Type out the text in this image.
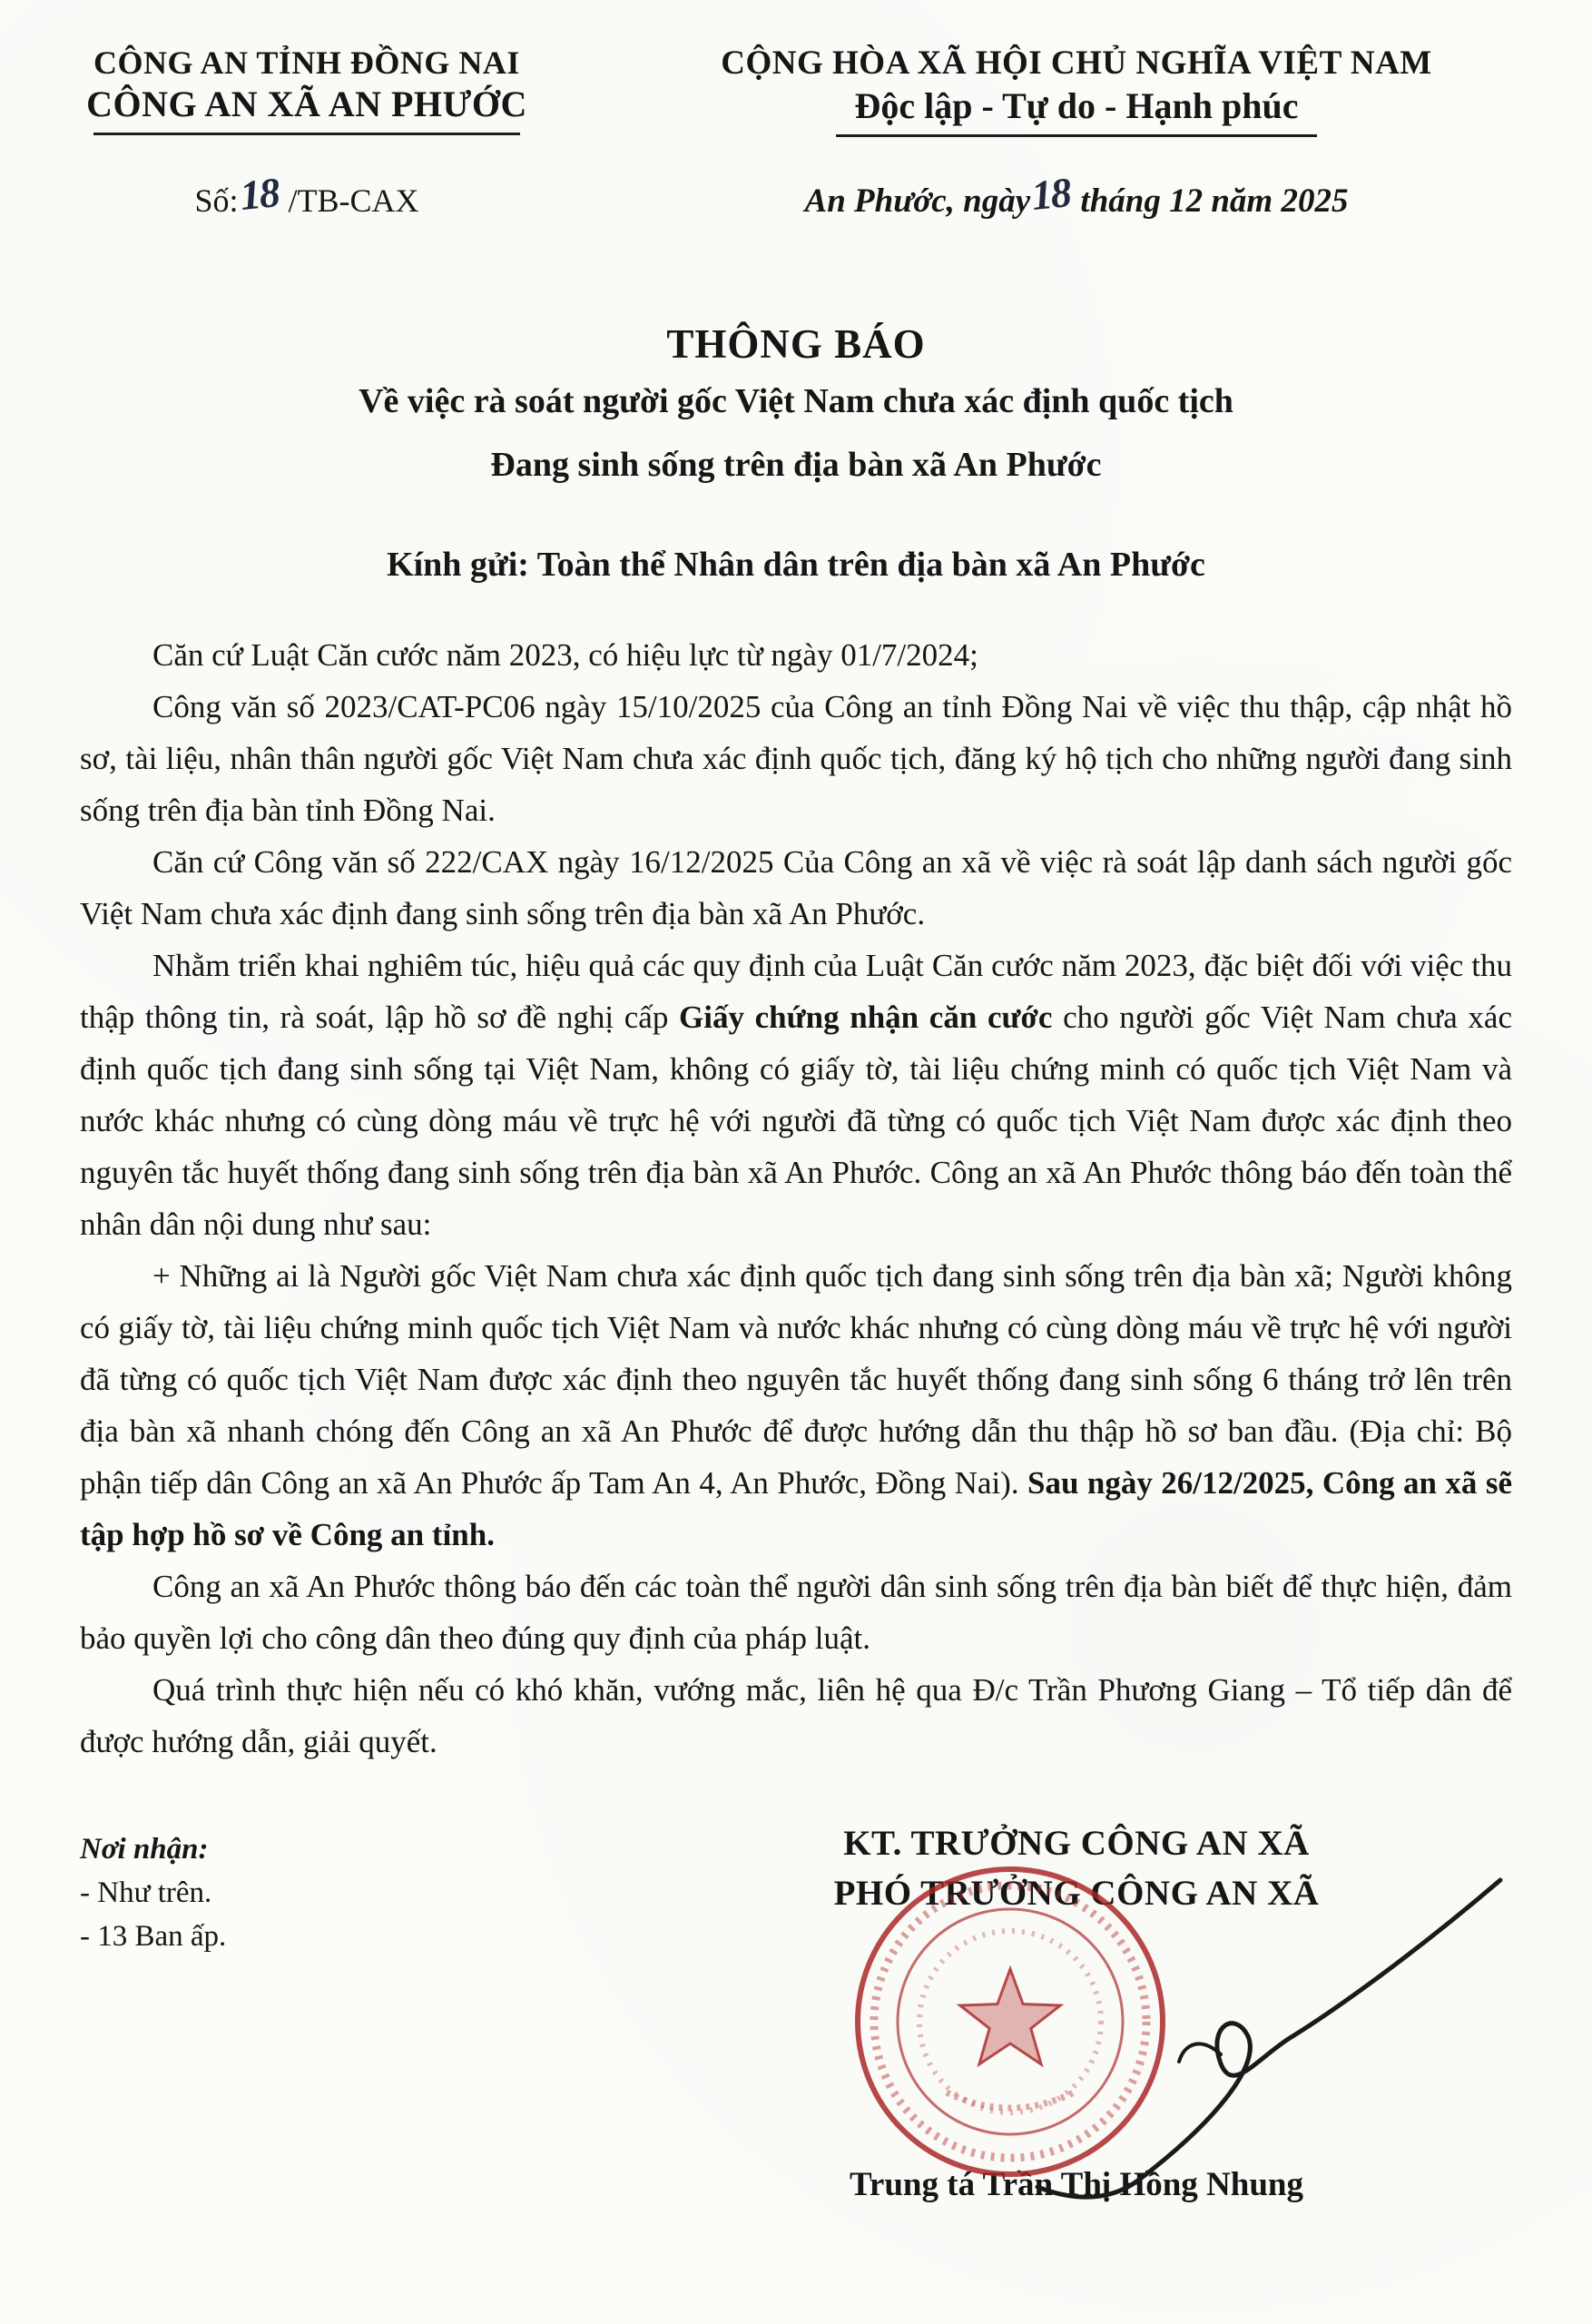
CÔNG AN TỈNH ĐỒNG NAI
CÔNG AN XÃ AN PHƯỚC
CỘNG HÒA XÃ HỘI CHỦ NGHĨA VIỆT NAM
Độc lập - Tự do - Hạnh phúc
Số:18 /TB-CAX	An Phước, ngày18 tháng 12 năm 2025
THÔNG BÁO
Về việc rà soát người gốc Việt Nam chưa xác định quốc tịch
Đang sinh sống trên địa bàn xã An Phước
Kính gửi: Toàn thể Nhân dân trên địa bàn xã An Phước

Căn cứ Luật Căn cước năm 2023, có hiệu lực từ ngày 01/7/2024;

Công văn số 2023/CAT-PC06 ngày 15/10/2025 của Công an tỉnh Đồng Nai về việc thu thập, cập nhật hồ sơ, tài liệu, nhân thân người gốc Việt Nam chưa xác định quốc tịch, đăng ký hộ tịch cho những người đang sinh sống trên địa bàn tỉnh Đồng Nai.

Căn cứ Công văn số 222/CAX ngày 16/12/2025 Của Công an xã về việc rà soát lập danh sách người gốc Việt Nam chưa xác định đang sinh sống trên địa bàn xã An Phước.

Nhằm triển khai nghiêm túc, hiệu quả các quy định của Luật Căn cước năm 2023, đặc biệt đối với việc thu thập thông tin, rà soát, lập hồ sơ đề nghị cấp Giấy chứng nhận căn cước cho người gốc Việt Nam chưa xác định quốc tịch đang sinh sống tại Việt Nam, không có giấy tờ, tài liệu chứng minh có quốc tịch Việt Nam và nước khác nhưng có cùng dòng máu về trực hệ với người đã từng có quốc tịch Việt Nam được xác định theo nguyên tắc huyết thống đang sinh sống trên địa bàn xã An Phước. Công an xã An Phước thông báo đến toàn thể nhân dân nội dung như sau:

+ Những ai là Người gốc Việt Nam chưa xác định quốc tịch đang sinh sống trên địa bàn xã; Người không có giấy tờ, tài liệu chứng minh quốc tịch Việt Nam và nước khác nhưng có cùng dòng máu về trực hệ với người đã từng có quốc tịch Việt Nam được xác định theo nguyên tắc huyết thống đang sinh sống 6 tháng trở lên trên địa bàn xã nhanh chóng đến Công an xã An Phước để được hướng dẫn thu thập hồ sơ ban đầu. (Địa chỉ: Bộ phận tiếp dân Công an xã An Phước ấp Tam An 4, An Phước, Đồng Nai). Sau ngày 26/12/2025, Công an xã sẽ tập hợp hồ sơ về Công an tỉnh.

Công an xã An Phước thông báo đến các toàn thể người dân sinh sống trên địa bàn biết để thực hiện, đảm bảo quyền lợi cho công dân theo đúng quy định của pháp luật.

Quá trình thực hiện nếu có khó khăn, vướng mắc, liên hệ qua Đ/c Trần Phương Giang – Tổ tiếp dân để được hướng dẫn, giải quyết.

Nơi nhận:
- Như trên.
- 13 Ban ấp.
KT. TRƯỞNG CÔNG AN XÃ
PHÓ TRƯỞNG CÔNG AN XÃ
Trung tá Trần Thị Hồng Nhung
